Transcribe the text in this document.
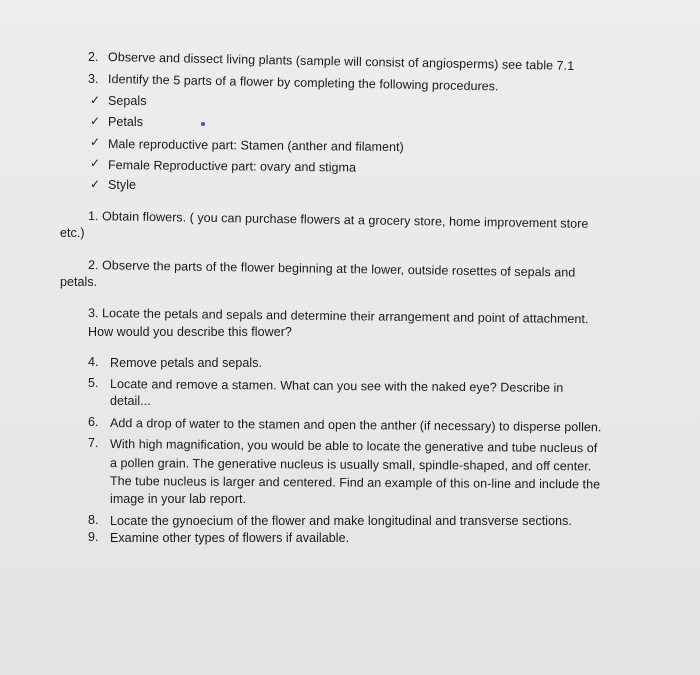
2. Observe and dissect living plants (sample will consist of angiosperms) see table 7.1
3. Identify the 5 parts of a flower by completing the following procedures.
✓ Sepals
✓ Petals
✓ Male reproductive part: Stamen (anther and filament)
✓ Female Reproductive part: ovary and stigma
✓ Style
1. Obtain flowers. ( you can purchase flowers at a grocery store, home improvement store
etc.)
2. Observe the parts of the flower beginning at the lower, outside rosettes of sepals and
petals.
3. Locate the petals and sepals and determine their arrangement and point of attachment.
How would you describe this flower?
4. Remove petals and sepals.
5. Locate and remove a stamen. What can you see with the naked eye? Describe in
detail...
6. Add a drop of water to the stamen and open the anther (if necessary) to disperse pollen.
7. With high magnification, you would be able to locate the generative and tube nucleus of
a pollen grain. The generative nucleus is usually small, spindle-shaped, and off center.
The tube nucleus is larger and centered. Find an example of this on-line and include the
image in your lab report.
8. Locate the gynoecium of the flower and make longitudinal and transverse sections.
9. Examine other types of flowers if available.
